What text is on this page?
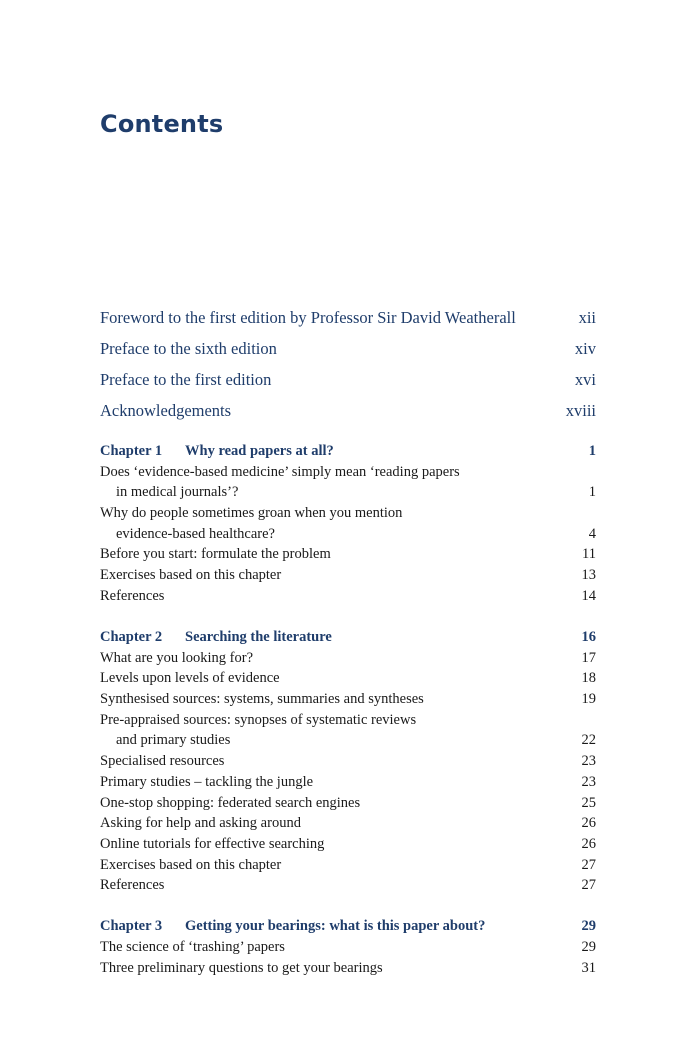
Contents
Foreword to the first edition by Professor Sir David Weatherall	xii
Preface to the sixth edition	xiv
Preface to the first edition	xvi
Acknowledgements	xviii
Chapter 1 Why read papers at all?	1
Does ‘evidence-based medicine’ simply mean ‘reading papers
in medical journals’?	1
Why do people sometimes groan when you mention
evidence-based healthcare?	4
Before you start: formulate the problem	11
Exercises based on this chapter	13
References	14
Chapter 2 Searching the literature	16
What are you looking for?	17
Levels upon levels of evidence	18
Synthesised sources: systems, summaries and syntheses	19
Pre-appraised sources: synopses of systematic reviews
and primary studies	22
Specialised resources	23
Primary studies – tackling the jungle	23
One-stop shopping: federated search engines	25
Asking for help and asking around	26
Online tutorials for effective searching	26
Exercises based on this chapter	27
References	27
Chapter 3 Getting your bearings: what is this paper about?	29
The science of ‘trashing’ papers	29
Three preliminary questions to get your bearings	31
